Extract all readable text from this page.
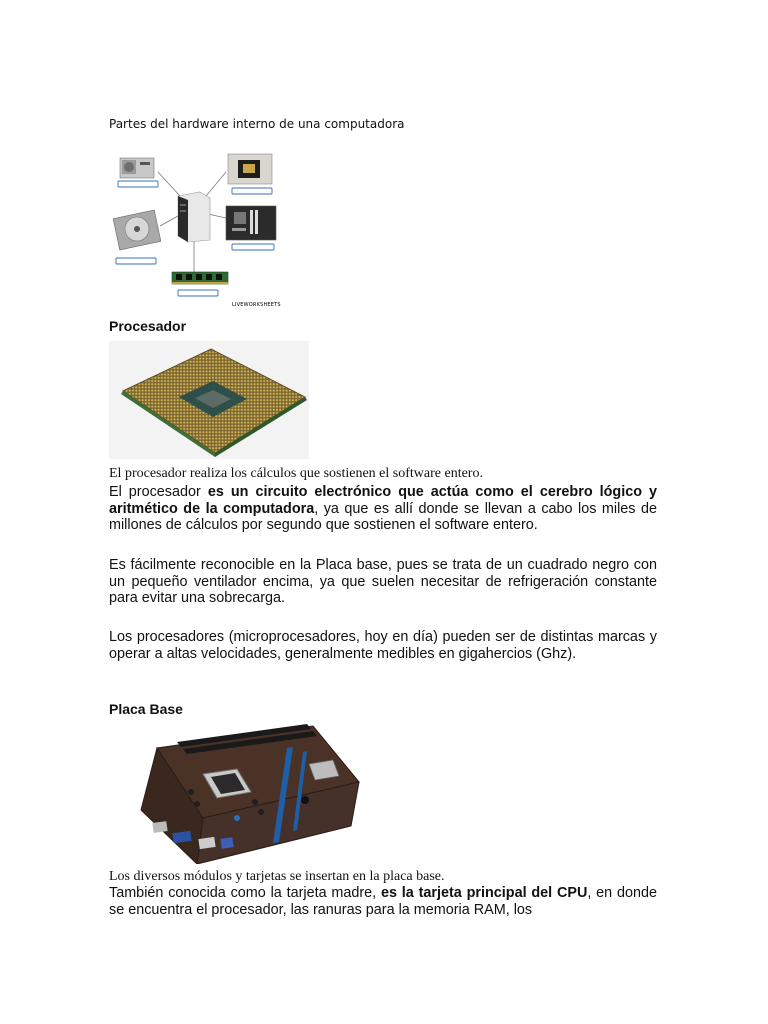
Partes del hardware interno de una computadora
LIVEWORKSHEETS
Procesador
El procesador realiza los cálculos que sostienen el software entero.

El procesador es un circuito electrónico que actúa como el cerebro lógico y aritmético de la computadora, ya que es allí donde se llevan a cabo los miles de millones de cálculos por segundo que sostienen el software entero.

Es fácilmente reconocible en la Placa base, pues se trata de un cuadrado negro con un pequeño ventilador encima, ya que suelen necesitar de refrigeración constante para evitar una sobrecarga.

Los procesadores (microprocesadores, hoy en día) pueden ser de distintas marcas y operar a altas velocidades, generalmente medibles en gigahercios (Ghz).

Placa Base
Los diversos módulos y tarjetas se insertan en la placa base.

También conocida como la tarjeta madre, es la tarjeta principal del CPU, en donde se encuentra el procesador, las ranuras para la memoria RAM, los
